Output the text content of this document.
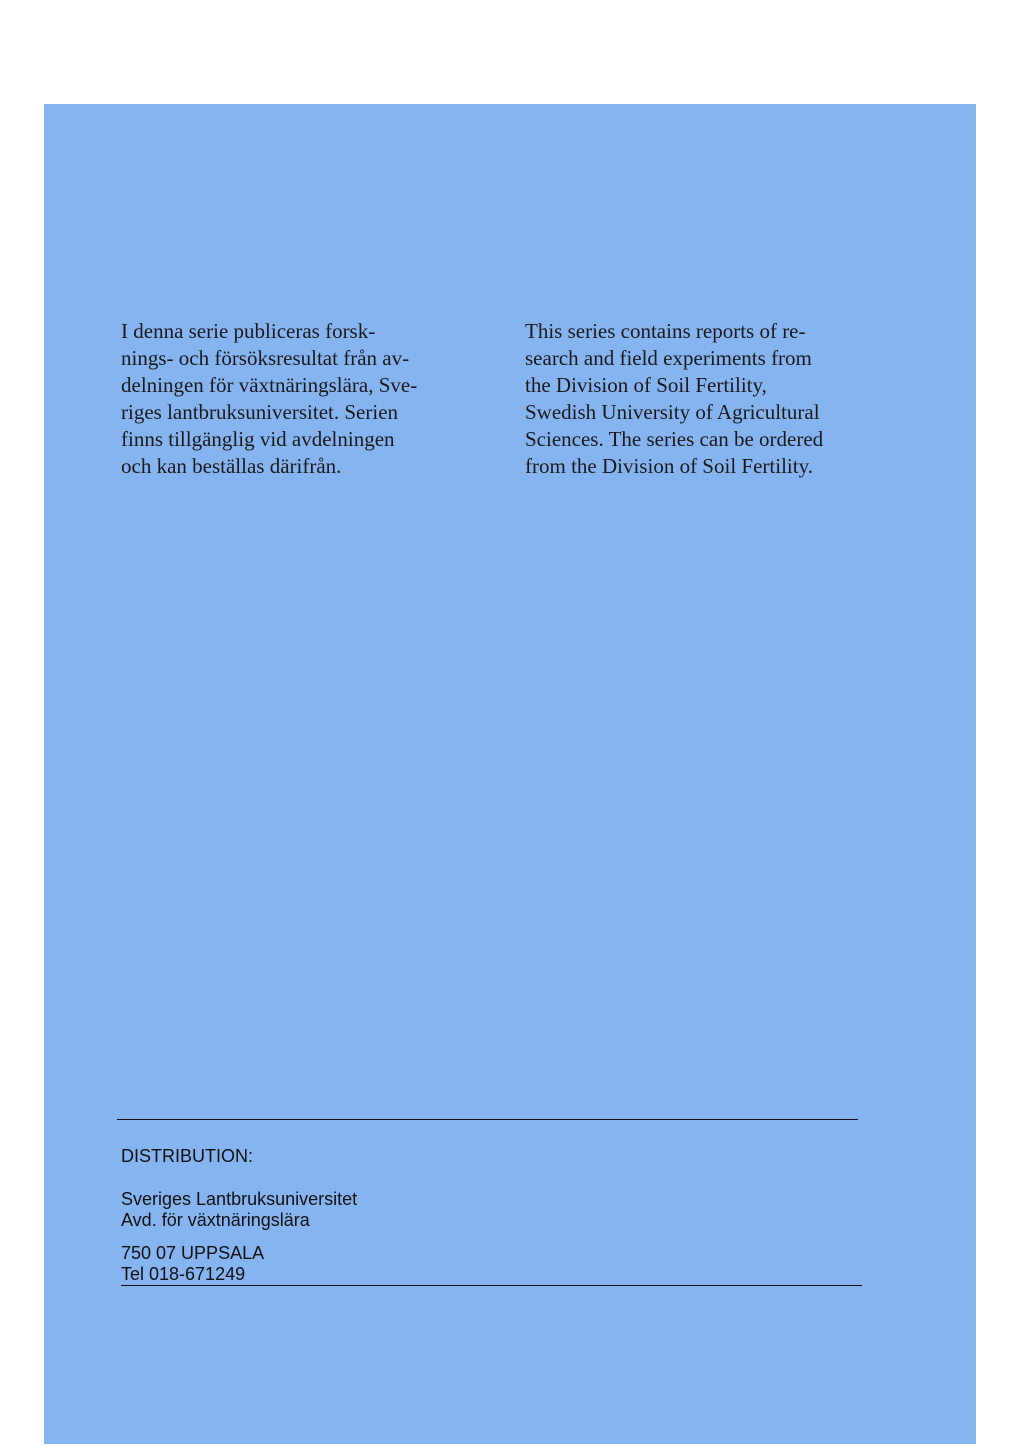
I denna serie publiceras forsk-

nings- och försöksresultat från av-

delningen för växtnäringslära, Sve-

riges lantbruksuniversitet. Serien

finns tillgänglig vid avdelningen

och kan beställas därifrån.

This series contains reports of re-

search and field experiments from

the Division of Soil Fertility,

Swedish University of Agricultural

Sciences. The series can be ordered

from the Division of Soil Fertility.

DISTRIBUTION:
Sveriges Lantbruksuniversitet
Avd. för växtnäringslära
750 07 UPPSALA
Tel 018-671249
